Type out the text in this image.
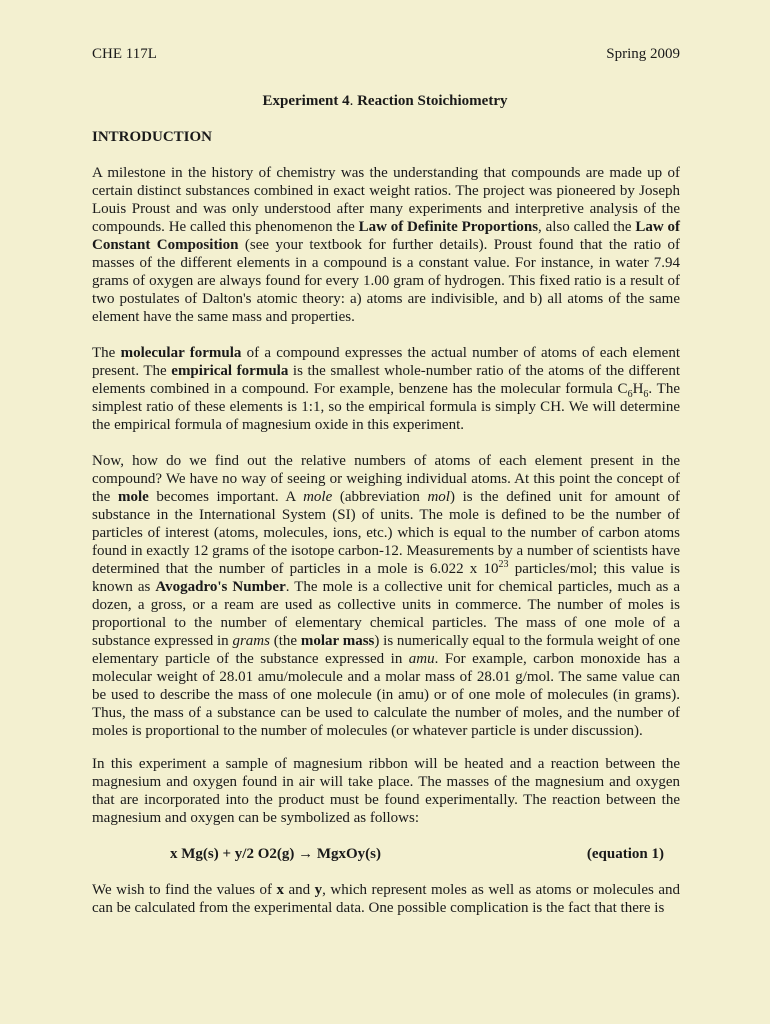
CHE 117L	Spring 2009
Experiment 4. Reaction Stoichiometry
INTRODUCTION

A milestone in the history of chemistry was the understanding that compounds are made up of certain distinct substances combined in exact weight ratios. The project was pioneered by Joseph Louis Proust and was only understood after many experiments and interpretive analysis of the compounds. He called this phenomenon the Law of Definite Proportions, also called the Law of Constant Composition (see your textbook for further details). Proust found that the ratio of masses of the different elements in a compound is a constant value. For instance, in water 7.94 grams of oxygen are always found for every 1.00 gram of hydrogen. This fixed ratio is a result of two postulates of Dalton's atomic theory: a) atoms are indivisible, and b) all atoms of the same element have the same mass and properties.

The molecular formula of a compound expresses the actual number of atoms of each element present. The empirical formula is the smallest whole-number ratio of the atoms of the different elements combined in a compound. For example, benzene has the molecular formula $C_6H_6$. The simplest ratio of these elements is 1:1, so the empirical formula is simply CH. We will determine the empirical formula of magnesium oxide in this experiment.

Now, how do we find out the relative numbers of atoms of each element present in the compound? We have no way of seeing or weighing individual atoms. At this point the concept of the mole becomes important. A mole (abbreviation mol) is the defined unit for amount of substance in the International System (SI) of units. The mole is defined to be the number of particles of interest (atoms, molecules, ions, etc.) which is equal to the number of carbon atoms found in exactly 12 grams of the isotope carbon-12. Measurements by a number of scientists have determined that the number of particles in a mole is 6.022 x $10^{23}$ particles/mol; this value is known as Avogadro's Number. The mole is a collective unit for chemical particles, much as a dozen, a gross, or a ream are used as collective units in commerce. The number of moles is proportional to the number of elementary chemical particles. The mass of one mole of a substance expressed in grams (the molar mass) is numerically equal to the formula weight of one elementary particle of the substance expressed in amu. For example, carbon monoxide has a molecular weight of 28.01 amu/molecule and a molar mass of 28.01 g/mol. The same value can be used to describe the mass of one molecule (in amu) or of one mole of molecules (in grams). Thus, the mass of a substance can be used to calculate the number of moles, and the number of moles is proportional to the number of molecules (or whatever particle is under discussion).

In this experiment a sample of magnesium ribbon will be heated and a reaction between the magnesium and oxygen found in air will take place. The masses of the magnesium and oxygen that are incorporated into the product must be found experimentally. The reaction between the magnesium and oxygen can be symbolized as follows:

x Mg(s) + y/2 O2(g) → MgxOy(s)	(equation 1)

We wish to find the values of x and y, which represent moles as well as atoms or molecules and can be calculated from the experimental data. One possible complication is the fact that there is
